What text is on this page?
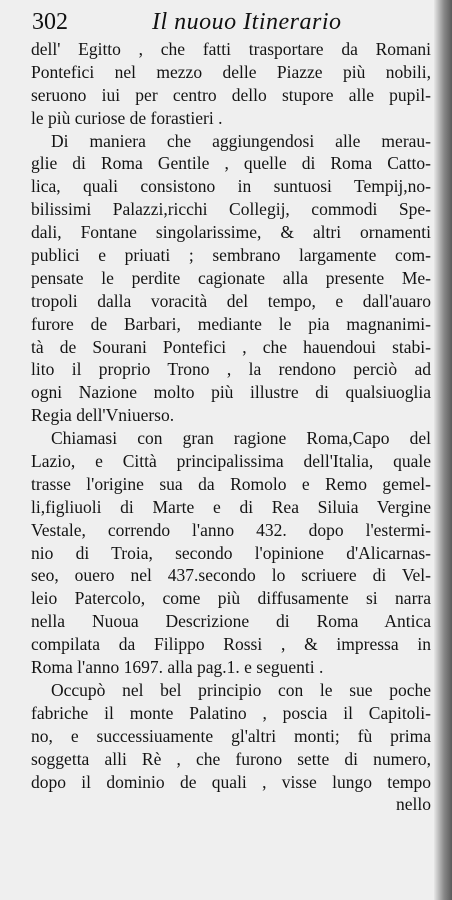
302	Il nuouo Itinerario
dell' Egitto , che fatti trasportare da Romani
Pontefici nel mezzo delle Piazze più nobili,
seruono iui per centro dello stupore alle pupil-
le più curiose de forastieri .
Di maniera che aggiungendosi alle merau-
glie di Roma Gentile , quelle di Roma Catto-
lica, quali consistono in suntuosi Tempij,no-
bilissimi Palazzi,ricchi Collegij, commodi Spe-
dali, Fontane singolarissime, & altri ornamenti
publici e priuati ; sembrano largamente com-
pensate le perdite cagionate alla presente Me-
tropoli dalla voracità del tempo, e dall'auaro
furore de Barbari, mediante le pia magnanimi-
tà de Sourani Pontefici , che hauendoui stabi-
lito il proprio Trono , la rendono perciò ad
ogni Nazione molto più illustre di qualsiuoglia
Regia dell'Vniuerso.
Chiamasi con gran ragione Roma,Capo del
Lazio, e Città principalissima dell'Italia, quale
trasse l'origine sua da Romolo e Remo gemel-
li,figliuoli di Marte e di Rea Siluia Vergine
Vestale, correndo l'anno 432. dopo l'estermi-
nio di Troia, secondo l'opinione d'Alicarnas-
seo, ouero nel 437.secondo lo scriuere di Vel-
leio Patercolo, come più diffusamente si narra
nella Nuoua Descrizione di Roma Antica
compilata da Filippo Rossi , & impressa in
Roma l'anno 1697. alla pag.1. e seguenti .
Occupò nel bel principio con le sue poche
fabriche il monte Palatino , poscia il Capitoli-
no, e successiuamente gl'altri monti; fù prima
soggetta alli Rè , che furono sette di numero,
dopo il dominio de quali , visse lungo tempo
nello
